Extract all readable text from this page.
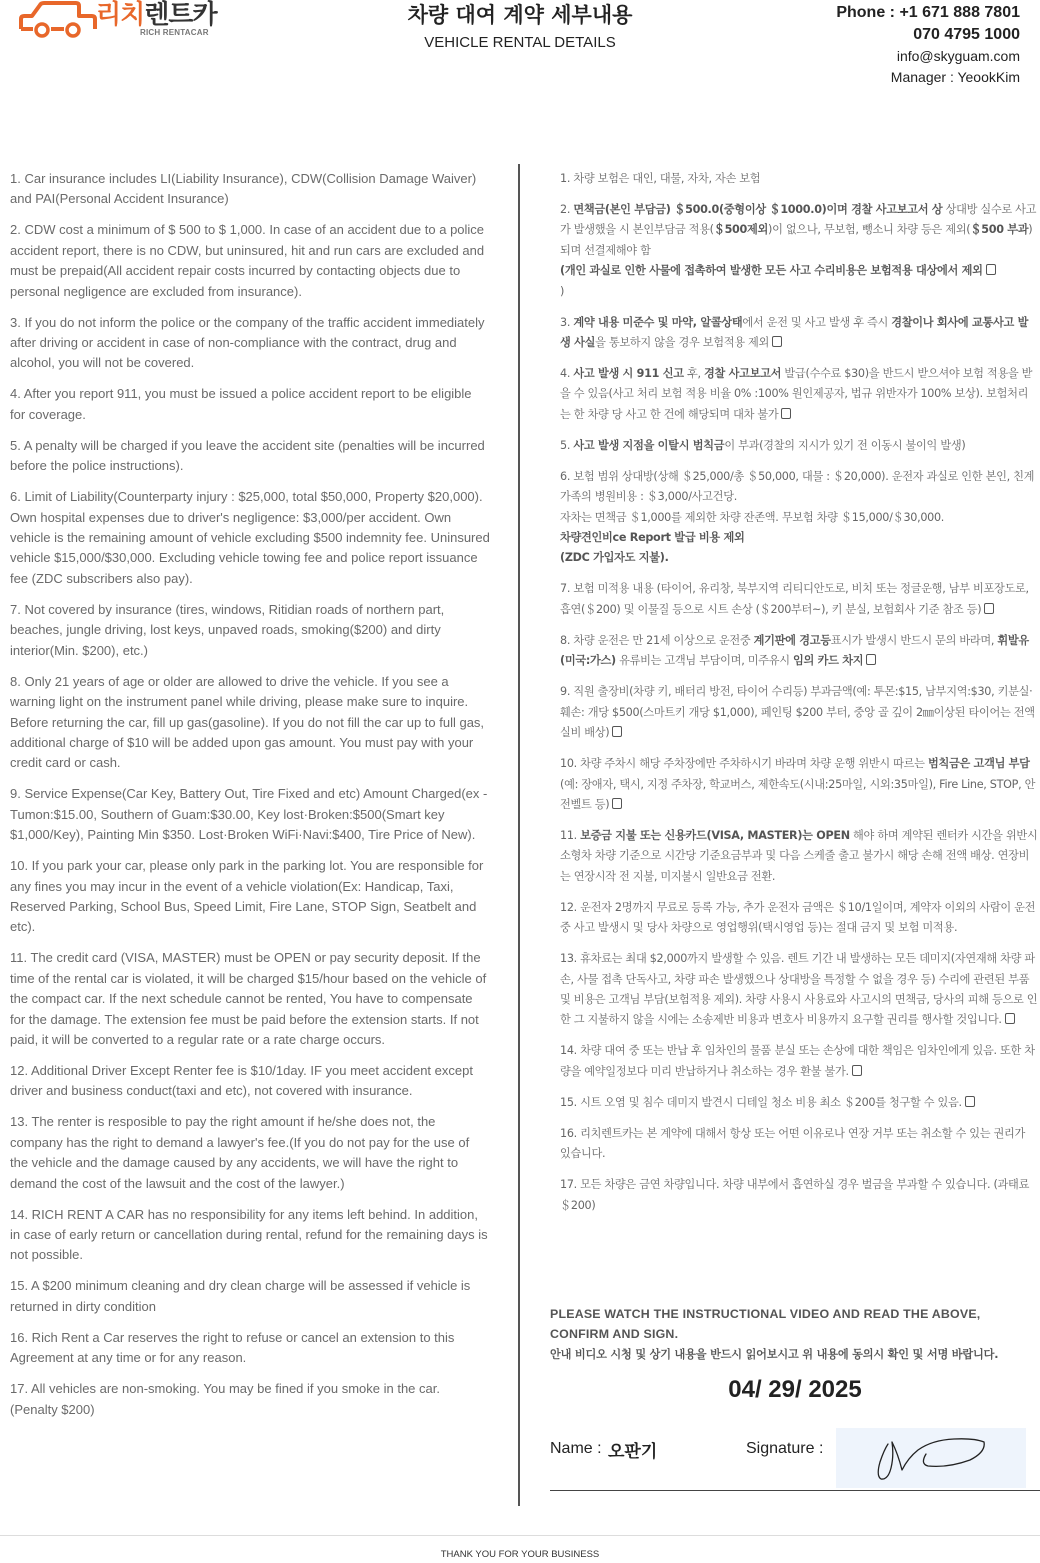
리치렌트카
RICH RENTACAR
차량 대여 계약 세부내용
VEHICLE RENTAL DETAILS
Phone : +1 671 888 7801
070 4795 1000
info@skyguam.com
Manager : YeookKim

1. Car insurance includes LI(Liability Insurance), CDW(Collision Damage Waiver) and PAI(Personal Accident Insurance)

2. CDW cost a minimum of $ 500 to $ 1,000. In case of an accident due to a police accident report, there is no CDW, but uninsured, hit and run cars are excluded and must be prepaid(All accident repair costs incurred by contacting objects due to personal negligence are excluded from insurance).

3. If you do not inform the police or the company of the traffic accident immediately after driving or accident in case of non-compliance with the contract, drug and alcohol, you will not be covered.

4. After you report 911, you must be issued a police accident report to be eligible for coverage.

5. A penalty will be charged if you leave the accident site (penalties will be incurred before the police instructions).

6. Limit of Liability(Counterparty injury : $25,000, total $50,000, Property $20,000). Own hospital expenses due to driver's negligence: $3,000/per accident. Own vehicle is the remaining amount of vehicle excluding $500 indemnity fee. Uninsured vehicle $15,000/$30,000. Excluding vehicle towing fee and police report issuance fee (ZDC subscribers also pay).

7. Not covered by insurance (tires, windows, Ritidian roads of northern part, beaches, jungle driving, lost keys, unpaved roads, smoking($200) and dirty interior(Min. $200), etc.)

8. Only 21 years of age or older are allowed to drive the vehicle. If you see a warning light on the instrument panel while driving, please make sure to inquire. Before returning the car, fill up gas(gasoline). If you do not fill the car up to full gas, additional charge of $10 will be added upon gas amount. You must pay with your credit card or cash.

9. Service Expense(Car Key, Battery Out, Tire Fixed and etc) Amount Charged(ex - Tumon:$15.00, Southern of Guam:$30.00, Key lost·Broken:$500(Smart key $1,000/Key), Painting Min $350. Lost·Broken WiFi·Navi:$400, Tire Price of New).

10. If you park your car, please only park in the parking lot. You are responsible for any fines you may incur in the event of a vehicle violation(Ex: Handicap, Taxi, Reserved Parking, School Bus, Speed Limit, Fire Lane, STOP Sign, Seatbelt and etc).

11. The credit card (VISA, MASTER) must be OPEN or pay security deposit. If the time of the rental car is violated, it will be charged $15/hour based on the vehicle of the compact car. If the next schedule cannot be rented, You have to compensate for the damage. The extension fee must be paid before the extension starts. If not paid, it will be converted to a regular rate or a rate charge occurs.

12. Additional Driver Except Renter fee is $10/1day. IF you meet accident except driver and business conduct(taxi and etc), not covered with insurance.

13. The renter is resposible to pay the right amount if he/she does not, the company has the right to demand a lawyer's fee.(If you do not pay for the use of the vehicle and the damage caused by any accidents, we will have the right to demand the cost of the lawsuit and the cost of the lawyer.)

14. RICH RENT A CAR has no responsibility for any items left behind. In addition, in case of early return or cancellation during rental, refund for the remaining days is not possible.

15. A $200 minimum cleaning and dry clean charge will be assessed if vehicle is returned in dirty condition

16. Rich Rent a Car reserves the right to refuse or cancel an extension to this Agreement at any time or for any reason.

17. All vehicles are non-smoking. You may be fined if you smoke in the car. (Penalty $200)

1. 차량 보험은 대인, 대물, 자차, 자손 보험

2. 면책금(본인 부담금) ＄500.0(중형이상 ＄1000.0)이며 경찰 사고보고서 상 상대방 실수로 사고가 발생했을 시 본인부담금 적용(＄500제외)이 없으나, 무보험, 뺑소니 차량 등은 제외(＄500 부과)되며 선결제해야 함
(개인 과실로 인한 사물에 접촉하여 발생한 모든 사고 수리비용은 보험적용 대상에서 제외
)

3. 계약 내용 미준수 및 마약, 알콜상태에서 운전 및 사고 발생 후 즉시 경찰이나 회사에 교통사고 발생 사실을 통보하지 않을 경우 보험적용 제외

4. 사고 발생 시 911 신고 후, 경찰 사고보고서 발급(수수료 $30)을 반드시 받으셔야 보험 적용을 받을 수 있음(사고 처리 보험 적용 비율 0% :100% 원인제공자, 법규 위반자가 100% 보상). 보험처리는 한 차량 당 사고 한 건에 해당되며 대차 불가

5. 사고 발생 지점을 이탈시 범칙금이 부과(경찰의 지시가 있기 전 이동시 불이익 발생)

6. 보험 범위 상대방(상해 ＄25,000/총 ＄50,000, 대물 : ＄20,000). 운전자 과실로 인한 본인, 친계 가족의 병원비용 : ＄3,000/사고건당.
자차는 면책금 ＄1,000를 제외한 차량 잔존액. 무보험 차량 ＄15,000/＄30,000.
차량견인비ce Report 발급 비용 제외
(ZDC 가입자도 지불).

7. 보험 미적용 내용 (타이어, 유리창, 북부지역 리티디안도로, 비치 또는 정글운행, 남부 비포장도로, 흡연(＄200) 및 이물질 등으로 시트 손상 (＄200부터~), 키 분실, 보험회사 기준 참조 등)

8. 차량 운전은 만 21세 이상으로 운전중 계기판에 경고등표시가 발생시 반드시 문의 바라며, 휘발유(미국:가스) 유류비는 고객님 부담이며, 미주유시 임의 카드 차지

9. 직원 출장비(차량 키, 배터리 방전, 타이어 수리등) 부과금액(예: 투몬:$15, 남부지역:$30, 키분실·훼손: 개당 $500(스마트키 개당 $1,000), 페인팅 $200 부터, 중앙 골 깊이 2㎜이상된 타이어는 전액 실비 배상)

10. 차량 주차시 해당 주차장에만 주차하시기 바라며 차량 운행 위반시 따르는 범칙금은 고객님 부담 (예: 장애자, 택시, 지정 주차장, 학교버스, 제한속도(시내:25마일, 시외:35마일), Fire Line, STOP, 안전벨트 등)

11. 보증금 지불 또는 신용카드(VISA, MASTER)는 OPEN 해야 하며 계약된 렌터카 시간을 위반시 소형차 차량 기준으로 시간당 기준요금부과 및 다음 스케줄 출고 불가시 해당 손해 전액 배상. 연장비는 연장시작 전 지불, 미지불시 일반요금 전환.

12. 운전자 2명까지 무료로 등록 가능, 추가 운전자 금액은 ＄10/1일이며, 계약자 이외의 사람이 운전중 사고 발생시 및 당사 차량으로 영업행위(택시영업 등)는 절대 금지 및 보험 미적용.

13. 휴차료는 최대 $2,000까지 발생할 수 있음. 렌트 기간 내 발생하는 모든 데미지(자연재해 차량 파손, 사물 접촉 단독사고, 차량 파손 발생했으나 상대방을 특정할 수 없을 경우 등) 수리에 관련된 부품 및 비용은 고객님 부담(보험적용 제외). 차량 사용시 사용료와 사고시의 면책금, 당사의 피해 등으로 인한 그 지불하지 않을 시에는 소송제반 비용과 변호사 비용까지 요구할 권리를 행사할 것입니다.

14. 차량 대여 중 또는 반납 후 임차인의 물품 분실 또는 손상에 대한 책임은 임차인에게 있음. 또한 차량을 예약일정보다 미리 반납하거나 취소하는 경우 환불 불가.

15. 시트 오염 및 침수 데미지 발견시 디테일 청소 비용 최소 ＄200를 청구할 수 있음.

16. 리치렌트카는 본 계약에 대해서 항상 또는 어떤 이유로나 연장 거부 또는 취소할 수 있는 권리가 있습니다.

17. 모든 차량은 금연 차량입니다. 차량 내부에서 흡연하실 경우 벌금을 부과할 수 있습니다. (과태료 ＄200)

PLEASE WATCH THE INSTRUCTIONAL VIDEO AND READ THE ABOVE,
CONFIRM AND SIGN.
안내 비디오 시청 및 상기 내용을 반드시 읽어보시고 위 내용에 동의시 확인 및 서명 바랍니다.
04/ 29/ 2025
Name : 오판기	Signature :
THANK YOU FOR YOUR BUSINESS
